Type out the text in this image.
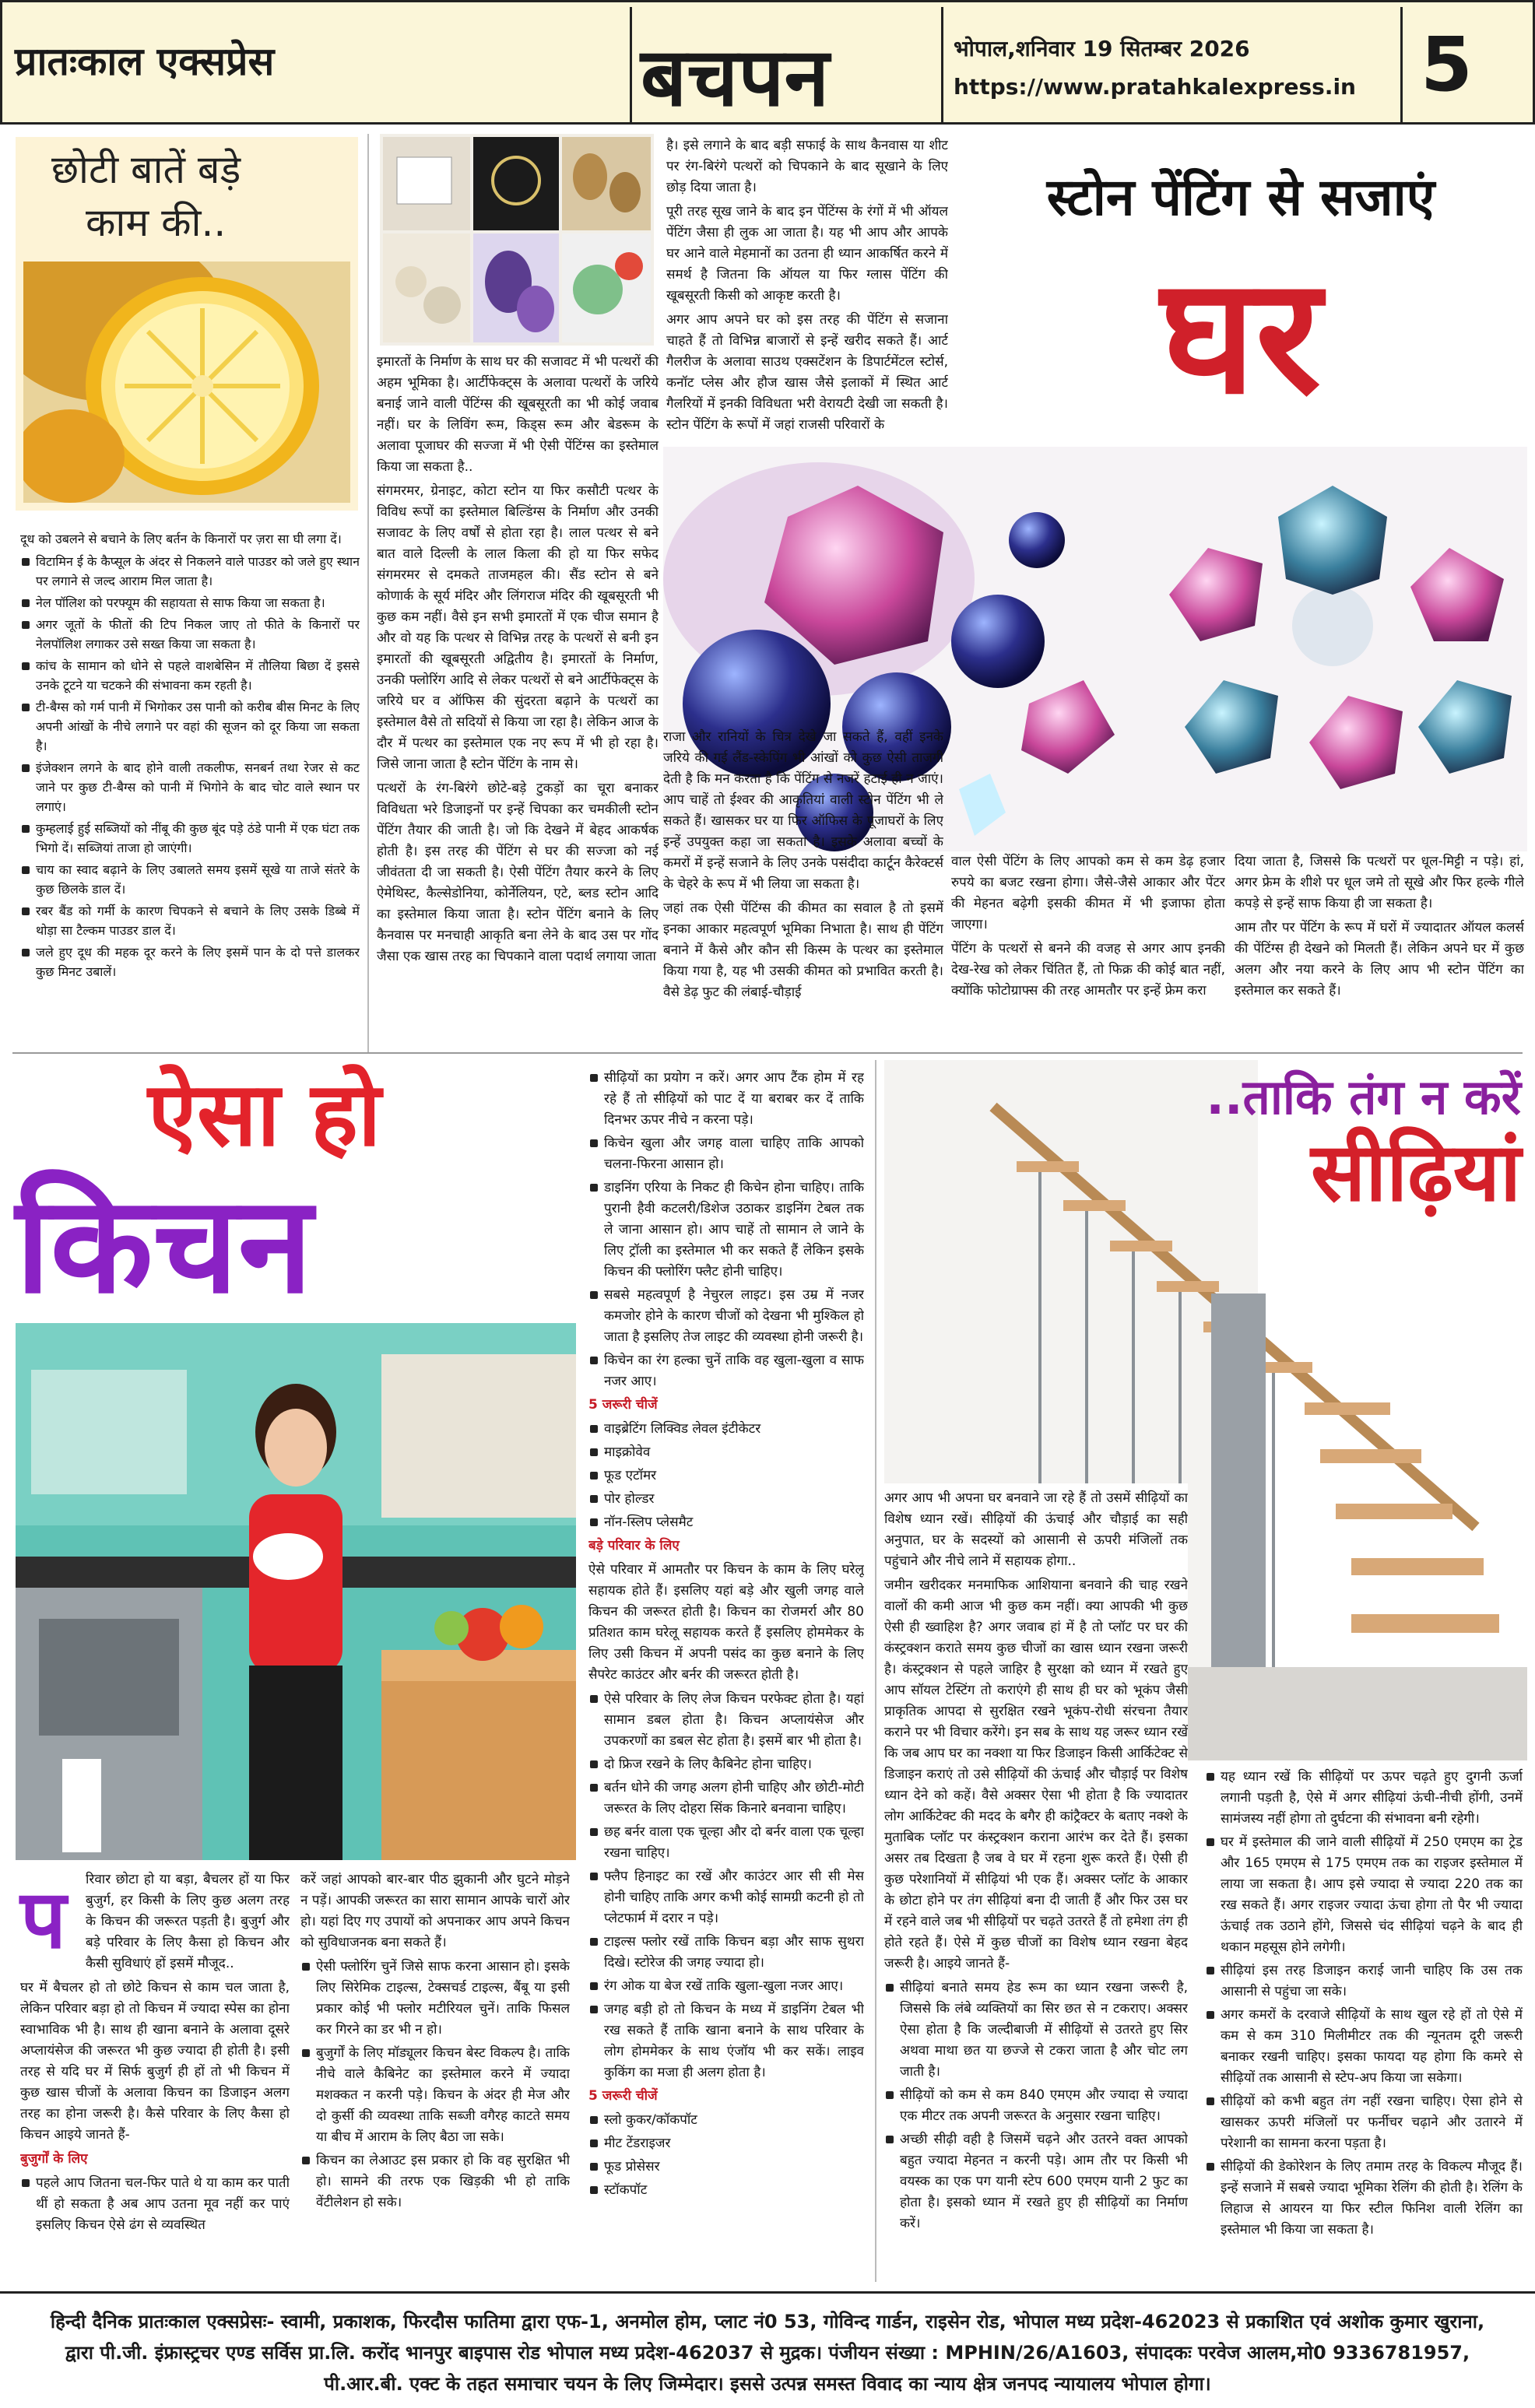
प्रातःकाल एक्सप्रेस	बचपन	भोपाल,शनिवार 19 सितम्बर 2026
https://www.pratahkalexpress.in 5
छोटी बातें बड़े
काम की..

दूध को उबलने से बचाने के लिए बर्तन के किनारों पर ज़रा सा घी लगा दें।

विटामिन ई के कैप्सूल के अंदर से निकलने वाले पाउडर को जले हुए स्थान पर लगाने से जल्द आराम मिल जाता है।
नेल पॉलिश को परफ्यूम की सहायता से साफ किया जा सकता है।
अगर जूतों के फीतों की टिप निकल जाए तो फीते के किनारों पर नेलपॉलिश लगाकर उसे सख्त किया जा सकता है।
कांच के सामान को धोने से पहले वाशबेसिन में तौलिया बिछा दें इससे उनके टूटने या चटकने की संभावना कम रहती है।
टी-बैग्स को गर्म पानी में भिगोकर उस पानी को करीब बीस मिनट के लिए अपनी आंखों के नीचे लगाने पर वहां की सूजन को दूर किया जा सकता है।
इंजेक्शन लगने के बाद होने वाली तकलीफ, सनबर्न तथा रेजर से कट जाने पर कुछ टी-बैग्स को पानी में भिगोने के बाद चोट वाले स्थान पर लगाएं।
कुम्हलाई हुई सब्जियों को नींबू की कुछ बूंद पड़े ठंडे पानी में एक घंटा तक भिगो दें। सब्जियां ताजा हो जाएंगी।
चाय का स्वाद बढ़ाने के लिए उबालते समय इसमें सूखे या ताजे संतरे के कुछ छिलके डाल दें।
रबर बैंड को गर्मी के कारण चिपकने से बचाने के लिए उसके डिब्बे में थोड़ा सा टैल्कम पाउडर डाल दें।
जले हुए दूध की महक दूर करने के लिए इसमें पान के दो पत्ते डालकर कुछ मिनट उबालें।
स्टोन पेंटिंग से सजाएं
घर

इमारतों के निर्माण के साथ घर की सजावट में भी पत्थरों की अहम भूमिका है। आर्टीफेक्ट्स के अलावा पत्थरों के जरिये बनाई जाने वाली पेंटिंग्स की खूबसूरती का भी कोई जवाब नहीं। घर के लिविंग रूम, किड्स रूम और बेडरूम के अलावा पूजाघर की सज्जा में भी ऐसी पेंटिंग्स का इस्तेमाल किया जा सकता है..

संगमरमर, ग्रेनाइट, कोटा स्टोन या फिर कसौटी पत्थर के विविध रूपों का इस्तेमाल बिल्डिंग्स के निर्माण और उनकी सजावट के लिए वर्षों से होता रहा है। लाल पत्थर से बने बात वाले दिल्ली के लाल किला की हो या फिर सफेद संगमरमर से दमकते ताजमहल की। सैंड स्टोन से बने कोणार्क के सूर्य मंदिर और लिंगराज मंदिर की खूबसूरती भी कुछ कम नहीं। वैसे इन सभी इमारतों में एक चीज समान है और वो यह कि पत्थर से विभिन्न तरह के पत्थरों से बनी इन इमारतों की खूबसूरती अद्वितीय है। इमारतों के निर्माण, उनकी फ्लोरिंग आदि से लेकर पत्थरों से बने आर्टीफेक्ट्स के जरिये घर व ऑफिस की सुंदरता बढ़ाने के पत्थरों का इस्तेमाल वैसे तो सदियों से किया जा रहा है। लेकिन आज के दौर में पत्थर का इस्तेमाल एक नए रूप में भी हो रहा है। जिसे जाना जाता है स्टोन पेंटिंग के नाम से।

पत्थरों के रंग-बिरंगे छोटे-बड़े टुकड़ों का चूरा बनाकर विविधता भरे डिजाइनों पर इन्हें चिपका कर चमकीली स्टोन पेंटिंग तैयार की जाती है। जो कि देखने में बेहद आकर्षक होती है। इस तरह की पेंटिंग से घर की सज्जा को नई जीवंतता दी जा सकती है। ऐसी पेंटिंग तैयार करने के लिए ऐमेथिस्ट, कैल्सेडोनिया, कोर्नेलियन, एटे, ब्लड स्टोन आदि का इस्तेमाल किया जाता है। स्टोन पेंटिंग बनाने के लिए कैनवास पर मनचाही आकृति बना लेने के बाद उस पर गोंद जैसा एक खास तरह का चिपकाने वाला पदार्थ लगाया जाता

है। इसे लगाने के बाद बड़ी सफाई के साथ कैनवास या शीट पर रंग-बिरंगे पत्थरों को चिपकाने के बाद सूखाने के लिए छोड़ दिया जाता है।

पूरी तरह सूख जाने के बाद इन पेंटिंग्स के रंगों में भी ऑयल पेंटिंग जैसा ही लुक आ जाता है। यह भी आप और आपके घर आने वाले मेहमानों का उतना ही ध्यान आकर्षित करने में समर्थ है जितना कि ऑयल या फिर ग्लास पेंटिंग की खूबसूरती किसी को आकृष्ट करती है।

अगर आप अपने घर को इस तरह की पेंटिंग से सजाना चाहते हैं तो विभिन्न बाजारों से इन्हें खरीद सकते हैं। आर्ट गैलरीज के अलावा साउथ एक्सटेंशन के डिपार्टमेंटल स्टोर्स, कनॉट प्लेस और हौज खास जैसे इलाकों में स्थित आर्ट गैलरियों में इनकी विविधता भरी वेरायटी देखी जा सकती है। स्टोन पेंटिंग के रूपों में जहां राजसी परिवारों के

राजा और रानियों के चित्र देखे जा सकते हैं, वहीं इनके जरिये की गई लैंड-स्केपिंग भी आंखों को कुछ ऐसी ताजगी देती है कि मन करता है कि पेंटिंग से नजरें हटाई ही न जाएं। आप चाहें तो ईश्वर की आकृतियां वाली स्टोन पेंटिंग भी ले सकते हैं। खासकर घर या फिर ऑफिस के पूजाघरों के लिए इन्हें उपयुक्त कहा जा सकता है। इसके अलावा बच्चों के कमरों में इन्हें सजाने के लिए उनके पसंदीदा कार्टून कैरेक्टर्स के चेहरे के रूप में भी लिया जा सकता है।

जहां तक ऐसी पेंटिंग्स की कीमत का सवाल है तो इसमें इनका आकार महत्वपूर्ण भूमिका निभाता है। साथ ही पेंटिंग बनाने में कैसे और कौन सी किस्म के पत्थर का इस्तेमाल किया गया है, यह भी उसकी कीमत को प्रभावित करती है। वैसे डेढ़ फुट की लंबाई-चौड़ाई

वाल ऐसी पेंटिंग के लिए आपको कम से कम डेढ़ हजार रुपये का बजट रखना होगा। जैसे-जैसे आकार और पेंटर की मेहनत बढ़ेगी इसकी कीमत में भी इजाफा होता जाएगा।

पेंटिंग के पत्थरों से बनने की वजह से अगर आप इनकी देख-रेख को लेकर चिंतित हैं, तो फिक्र की कोई बात नहीं, क्योंकि फोटोग्राफ्स की तरह आमतौर पर इन्हें फ्रेम करा

दिया जाता है, जिससे कि पत्थरों पर धूल-मिट्टी न पड़े। हां, अगर फ्रेम के शीशे पर धूल जमे तो सूखे और फिर हल्के गीले कपड़े से इन्हें साफ किया ही जा सकता है।

आम तौर पर पेंटिंग के रूप में घरों में ज्यादातर ऑयल कलर्स की पेंटिंग्स ही देखने को मिलती हैं। लेकिन अपने घर में कुछ अलग और नया करने के लिए आप भी स्टोन पेंटिंग का इस्तेमाल कर सकते हैं।

ऐसा हो
किचन
प	रिवार छोटा हो या बड़ा, बैचलर हों या फिर बुजुर्ग, हर किसी के लिए कुछ अलग तरह के किचन की जरूरत पड़ती है। बुजुर्ग और बड़े परिवार के लिए कैसा हो किचन और कैसी सुविधाएं हों इसमें मौजूद..

घर में बैचलर हो तो छोटे किचन से काम चल जाता है, लेकिन परिवार बड़ा हो तो किचन में ज्यादा स्पेस का होना स्वाभाविक भी है। साथ ही खाना बनाने के अलावा दूसरे अप्लायंसेज की जरूरत भी कुछ ज्यादा ही होती है। इसी तरह से यदि घर में सिर्फ बुजुर्ग ही हों तो भी किचन में कुछ खास चीजों के अलावा किचन का डिजाइन अलग तरह का होना जरूरी है। कैसे परिवार के लिए कैसा हो किचन आइये जानते हैं-

बुजुर्गों के लिए

पहले आप जितना चल-फिर पाते थे या काम कर पाती थीं हो सकता है अब आप उतना मूव नहीं कर पाएं इसलिए किचन ऐसे ढंग से व्यवस्थित

करें जहां आपको बार-बार पीठ झुकानी और घुटने मोड़ने न पड़ें। आपकी जरूरत का सारा सामान आपके चारों ओर हो। यहां दिए गए उपायों को अपनाकर आप अपने किचन को सुविधाजनक बना सकते हैं।

ऐसी फ्लोरिंग चुनें जिसे साफ करना आसान हो। इसके लिए सिरेमिक टाइल्स, टेक्सचर्ड टाइल्स, बैंबू या इसी प्रकार कोई भी फ्लोर मटीरियल चुनें। ताकि फिसल कर गिरने का डर भी न हो।
बुजुर्गों के लिए मॉड्यूलर किचन बेस्ट विकल्प है। ताकि नीचे वाले कैबिनेट का इस्तेमाल करने में ज्यादा मशक्कत न करनी पड़े। किचन के अंदर ही मेज और दो कुर्सी की व्यवस्था ताकि सब्जी वगैरह काटते समय या बीच में आराम के लिए बैठा जा सके।
किचन का लेआउट इस प्रकार हो कि वह सुरक्षित भी हो। सामने की तरफ एक खिड़की भी हो ताकि वेंटीलेशन हो सके।
सीढ़ियों का प्रयोग न करें। अगर आप टैंक होम में रह रहे हैं तो सीढ़ियों को पाट दें या बराबर कर दें ताकि दिनभर ऊपर नीचे न करना पड़े।
किचेन खुला और जगह वाला चाहिए ताकि आपको चलना-फिरना आसान हो।
डाइनिंग एरिया के निकट ही किचेन होना चाहिए। ताकि पुरानी हैवी कटलरी/डिशेज उठाकर डाइनिंग टेबल तक ले जाना आसान हो। आप चाहें तो सामान ले जाने के लिए ट्रॉली का इस्तेमाल भी कर सकते हैं लेकिन इसके किचन की फ्लोरिंग फ्लैट होनी चाहिए।
सबसे महत्वपूर्ण है नेचुरल लाइट। इस उम्र में नजर कमजोर होने के कारण चीजों को देखना भी मुश्किल हो जाता है इसलिए तेज लाइट की व्यवस्था होनी जरूरी है।
किचेन का रंग हल्का चुनें ताकि वह खुला-खुला व साफ नजर आए।

5 जरूरी चीजें

वाइब्रेटिंग लिक्विड लेवल इंटीकेटर
माइक्रोवेव
फूड एटॉमर
पोर होल्डर
नॉन-स्लिप प्लेसमैट

बड़े परिवार के लिए

ऐसे परिवार में आमतौर पर किचन के काम के लिए घरेलू सहायक होते हैं। इसलिए यहां बड़े और खुली जगह वाले किचन की जरूरत होती है। किचन का रोजमर्रा और 80 प्रतिशत काम घरेलू सहायक करते हैं इसलिए होममेकर के लिए उसी किचन में अपनी पसंद का कुछ बनाने के लिए सैपरेट काउंटर और बर्नर की जरूरत होती है।

ऐसे परिवार के लिए लेज किचन परफेक्ट होता है। यहां सामान डबल होता है। किचन अप्लायंसेज और उपकरणों का डबल सेट होता है। इसमें बार भी होता है।
दो फ्रिज रखने के लिए कैबिनेट होना चाहिए।
बर्तन धोने की जगह अलग होनी चाहिए और छोटी-मोटी जरूरत के लिए दोहरा सिंक किनारे बनवाना चाहिए।
छह बर्नर वाला एक चूल्हा और दो बर्नर वाला एक चूल्हा रखना चाहिए।
फ्लैप हिनाइट का रखें और काउंटर आर सी सी मेस होनी चाहिए ताकि अगर कभी कोई सामग्री कटनी हो तो प्लेटफार्म में दरार न पड़े।
टाइल्स फ्लोर रखें ताकि किचन बड़ा और साफ सुथरा दिखे। स्टोरेज की जगह ज्यादा हो।
रंग ओक या बेज रखें ताकि खुला-खुला नजर आए।
जगह बड़ी हो तो किचन के मध्य में डाइनिंग टेबल भी रख सकते हैं ताकि खाना बनाने के साथ परिवार के लोग होममेकर के साथ एंजॉय भी कर सकें। लाइव कुकिंग का मजा ही अलग होता है।

5 जरूरी चीजें

स्लो कुकर/कॉकपॉट
मीट टेंडराइजर
फूड प्रोसेसर
स्टॉकपॉट
..ताकि तंग न करें
सीढ़ियां

अगर आप भी अपना घर बनवाने जा रहे हैं तो उसमें सीढ़ियों का विशेष ध्यान रखें। सीढ़ियों की ऊंचाई और चौड़ाई का सही अनुपात, घर के सदस्यों को आसानी से ऊपरी मंजिलों तक पहुंचाने और नीचे लाने में सहायक होगा..

जमीन खरीदकर मनमाफिक आशियाना बनवाने की चाह रखने वालों की कमी आज भी कुछ कम नहीं। क्या आपकी भी कुछ ऐसी ही ख्वाहिश है? अगर जवाब हां में है तो प्लॉट पर घर की कंस्ट्रक्शन कराते समय कुछ चीजों का खास ध्यान रखना जरूरी है। कंस्ट्रक्शन से पहले जाहिर है सुरक्षा को ध्यान में रखते हुए आप सॉयल टेस्टिंग तो कराएंगे ही साथ ही घर को भूकंप जैसी प्राकृतिक आपदा से सुरक्षित रखने भूकंप-रोधी संरचना तैयार कराने पर भी विचार करेंगे। इन सब के साथ यह जरूर ध्यान रखें कि जब आप घर का नक्शा या फिर डिजाइन किसी आर्किटेक्ट से डिजाइन कराएं तो उसे सीढ़ियों की ऊंचाई और चौड़ाई पर विशेष ध्यान देने को कहें। वैसे अक्सर ऐसा भी होता है कि ज्यादातर लोग आर्किटेक्ट की मदद के बगैर ही कांट्रैक्टर के बताए नक्शे के मुताबिक प्लॉट पर कंस्ट्रक्शन कराना आरंभ कर देते हैं। इसका असर तब दिखता है जब वे घर में रहना शुरू करते हैं। ऐसी ही कुछ परेशानियों में सीढ़ियां भी एक हैं। अक्सर प्लॉट के आकार के छोटा होने पर तंग सीढ़ियां बना दी जाती हैं और फिर उस घर में रहने वाले जब भी सीढ़ियों पर चढ़ते उतरते हैं तो हमेशा तंग ही होते रहते हैं। ऐसे में कुछ चीजों का विशेष ध्यान रखना बेहद जरूरी है। आइये जानते हैं-

सीढ़ियां बनाते समय हेड रूम का ध्यान रखना जरूरी है, जिससे कि लंबे व्यक्तियों का सिर छत से न टकराए। अक्सर ऐसा होता है कि जल्दीबाजी में सीढ़ियों से उतरते हुए सिर अथवा माथा छत या छज्जे से टकरा जाता है और चोट लग जाती है।
सीढ़ियों को कम से कम 840 एमएम और ज्यादा से ज्यादा एक मीटर तक अपनी जरूरत के अनुसार रखना चाहिए।
अच्छी सीढ़ी वही है जिसमें चढ़ने और उतरने वक्त आपको बहुत ज्यादा मेहनत न करनी पड़े। आम तौर पर किसी भी वयस्क का एक पग यानी स्टेप 600 एमएम यानी 2 फुट का होता है। इसको ध्यान में रखते हुए ही सीढ़ियों का निर्माण करें।
यह ध्यान रखें कि सीढ़ियों पर ऊपर चढ़ते हुए दुगनी ऊर्जा लगानी पड़ती है, ऐसे में अगर सीढ़ियां ऊंची-नीची होंगी, उनमें सामंजस्य नहीं होगा तो दुर्घटना की संभावना बनी रहेगी।
घर में इस्तेमाल की जाने वाली सीढ़ियों में 250 एमएम का ट्रेड और 165 एमएम से 175 एमएम तक का राइजर इस्तेमाल में लाया जा सकता है। आप इसे ज्यादा से ज्यादा 220 तक का रख सकते हैं। अगर राइजर ज्यादा ऊंचा होगा तो पैर भी ज्यादा ऊंचाई तक उठाने होंगे, जिससे चंद सीढ़ियां चढ़ने के बाद ही थकान महसूस होने लगेगी।
सीढ़ियां इस तरह डिजाइन कराई जानी चाहिए कि उस तक आसानी से पहुंचा जा सके।
अगर कमरों के दरवाजे सीढ़ियों के साथ खुल रहे हों तो ऐसे में कम से कम 310 मिलीमीटर तक की न्यूनतम दूरी जरूरी बनाकर रखनी चाहिए। इसका फायदा यह होगा कि कमरे से सीढ़ियों तक आसानी से स्टेप-अप किया जा सकेगा।
सीढ़ियों को कभी बहुत तंग नहीं रखना चाहिए। ऐसा होने से खासकर ऊपरी मंजिलों पर फर्नीचर चढ़ाने और उतारने में परेशानी का सामना करना पड़ता है।
सीढ़ियों की डेकोरेशन के लिए तमाम तरह के विकल्प मौजूद हैं। इन्हें सजाने में सबसे ज्यादा भूमिका रेलिंग की होती है। रेलिंग के लिहाज से आयरन या फिर स्टील फिनिश वाली रेलिंग का इस्तेमाल भी किया जा सकता है।
हिन्दी दैनिक प्रातःकाल एक्सप्रेसः- स्वामी, प्रकाशक, फिरदौस फातिमा द्वारा एफ-1, अनमोल होम, प्लाट नं0 53, गोविन्द गार्डन, राइसेन रोड, भोपाल मध्य प्रदेश-462023 से प्रकाशित एवं अशोक कुमार खुराना,
द्वारा पी.जी. इंफ्रास्ट्रचर एण्ड सर्विस प्रा.लि. करोंद भानपुर बाइपास रोड भोपाल मध्य प्रदेश-462037 से मुद्रक। पंजीयन संख्या : MPHIN/26/A1603, संपादकः परवेज आलम,मो0 9336781957,
पी.आर.बी. एक्ट के तहत समाचार चयन के लिए जिम्मेदार। इससे उत्पन्न समस्त विवाद का न्याय क्षेत्र जनपद न्यायालय भोपाल होगा।
